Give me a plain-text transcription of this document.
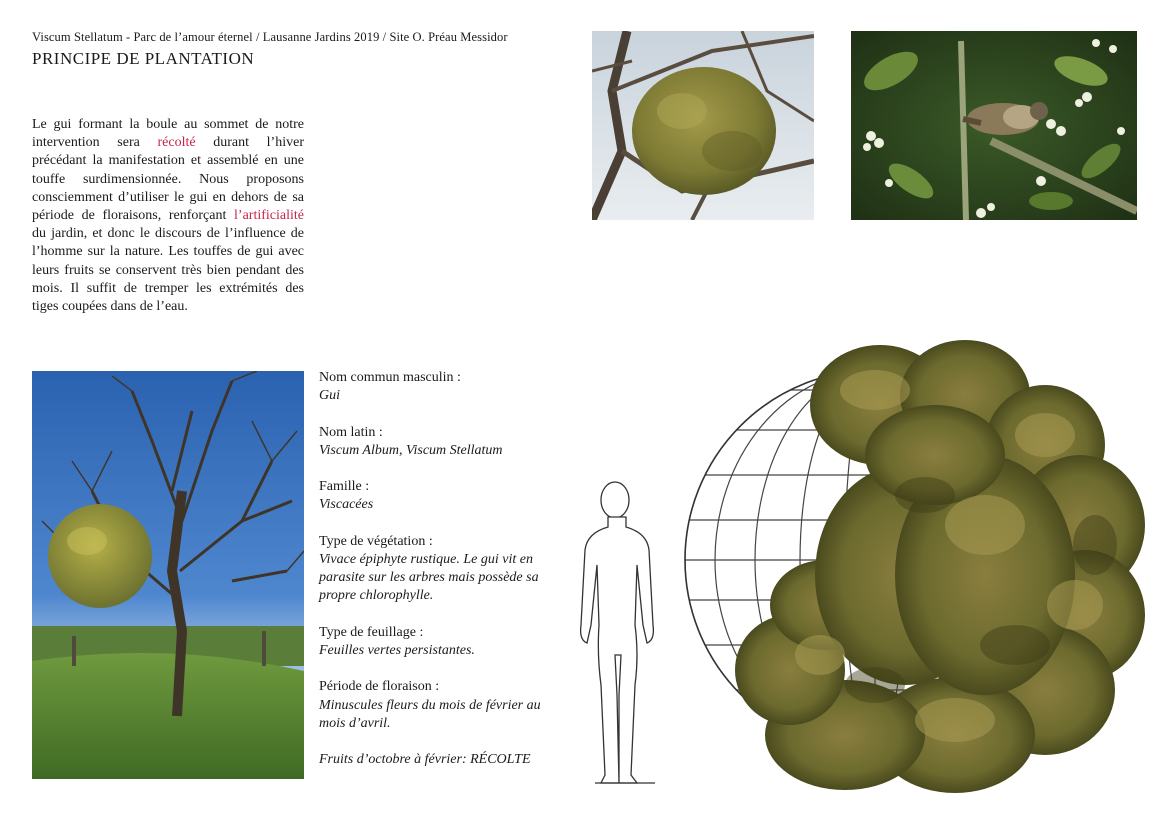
Viscum Stellatum - Parc de l’amour éternel / Lausanne Jardins 2019 / Site O. Préau Messidor
PRINCIPE DE PLANTATION
Le gui formant la boule au sommet de notre intervention sera récolté durant l’hiver précédant la manifestation et assemblé en une touffe surdimensionnée. Nous proposons consciemment d’utiliser le gui en dehors de sa période de floraisons, renforçant l’artificialité du jardin, et donc le discours de l’influence de l’homme sur la nature. Les touffes de gui avec leurs fruits se conservent très bien pendant des mois. Il suffit de tremper les extrémités des tiges coupées dans de l’eau.
Nom commun masculin :
Gui
Nom latin :
Viscum Album, Viscum Stellatum
Famille :
Viscacées
Type de végétation :
Vivace épiphyte rustique. Le gui vit en parasite sur les arbres mais possède sa propre chlorophylle.
Type de feuillage :
Feuilles vertes persistantes.
Période de floraison :
Minuscules fleurs du mois de février au mois d’avril.
Fruits d’octobre à février: RÉCOLTE
